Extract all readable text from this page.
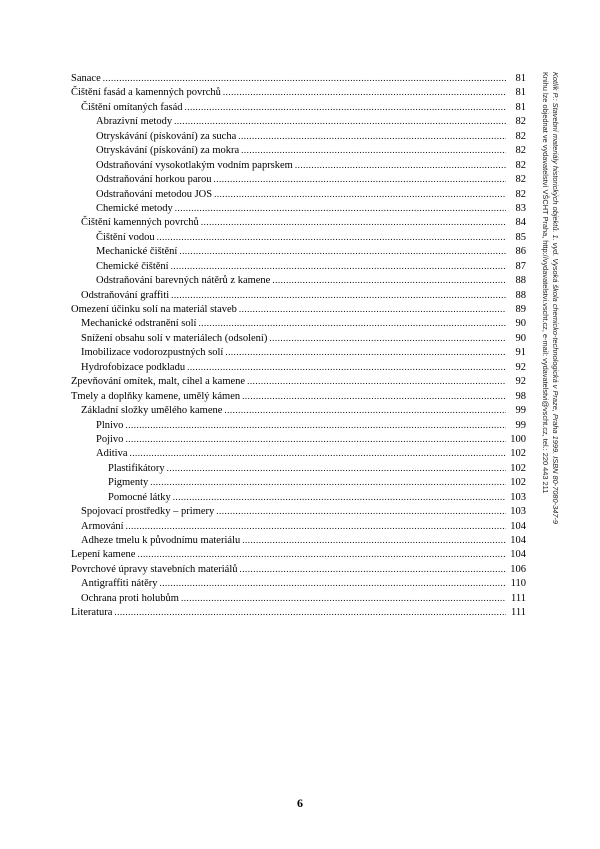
Sanace .....	81
Čištění fasád a kamenných povrchů .....	81
Čištění omítaných fasád .....	81
Abrazivní metody .....	82
Otryskávání (pískování) za sucha .....	82
Otryskávání (pískování) za mokra .....	82
Odstraňování vysokotlakým vodním paprskem .....	82
Odstraňování horkou parou .....	82
Odstraňování metodou JOS .....	82
Chemické metody .....	83
Čištění kamenných povrchů .....	84
Čištění vodou .....	85
Mechanické čištění .....	86
Chemické čištění .....	87
Odstraňování barevných nátěrů z kamene .....	88
Odstraňování graffiti .....	88
Omezení účinku solí na materiál staveb .....	89
Mechanické odstranění solí .....	90
Snížení obsahu solí v materiálech (odsolení) .....	90
Imobilizace vodorozpustných solí .....	91
Hydrofobizace podkladu .....	92
Zpevňování omítek, malt, cihel a kamene .....	92
Tmely a doplňky kamene, umělý kámen .....	98
Základní složky umělého kamene .....	99
Plnivo .....	99
Pojivo .....	100
Aditiva .....	102
Plastifikátory .....	102
Pigmenty .....	102
Pomocné látky .....	103
Spojovací prostředky – primery .....	103
Armování .....	104
Adheze tmelu k původnímu materiálu .....	104
Lepení kamene .....	104
Povrchové úpravy stavebních materiálů .....	106
Antigraffiti nátěry .....	110
Ochrana proti holubům .....	111
Literatura .....	111
Kotlík P.: Stavební materiály historických objektů. 1. vyd. Vysoká škola chemicko-technologická v Praze, Praha 1999. ISBN 80-7080-347-9
Knihu lze objednat ve vydavatelství VŠCHT Praha, http://vydavatelstvi.vscht.cz, e-mail: vydavatelstvi@vscht.cz, tel.: 220 443 211
6
